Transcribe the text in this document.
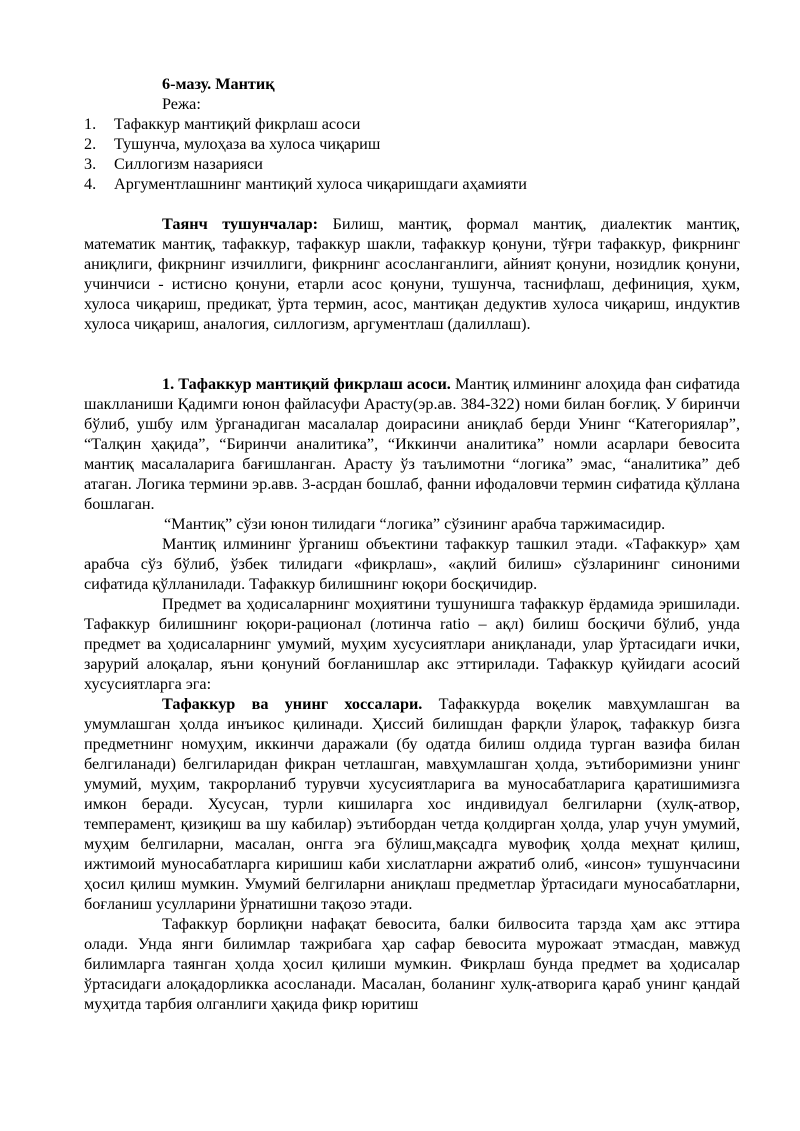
6-мазу. Мантиқ
Режа:
1.	Тафаккур мантиқий фикрлаш асоси
2.	Тушунча, мулоҳаза ва хулоса чиқариш
3.	Силлогизм назарияси
4.	Аргументлашнинг мантиқий хулоса чиқаришдаги аҳамияти

Таянч тушунчалар: Билиш, мантиқ, формал мантиқ, диалектик мантиқ, математик мантиқ, тафаккур, тафаккур шакли, тафаккур қонуни, тўғри тафаккур, фикрнинг аниқлиги, фикрнинг изчиллиги, фикрнинг асосланганлиги, айният қонуни, нозидлик қонуни, учинчиси - истисно қонуни, етарли асос қонуни, тушунча, таснифлаш, дефиниция, ҳукм, хулоса чиқариш, предикат, ўрта термин, асос, мантиқан дедуктив хулоса чиқариш, индуктив хулоса чиқариш, аналогия, силлогизм, аргументлаш (далиллаш).

1. Тафаккур мантиқий фикрлаш асоси. Мантиқ илмининг алоҳида фан сифатида шаклланиши Қадимги юнон файласуфи Арасту(эр.ав. 384-322) номи билан боғлиқ. У биринчи бўлиб, ушбу илм ўрганадиган масалалар доирасини аниқлаб берди Унинг “Категориялар”, “Талқин ҳақида”, “Биринчи аналитика”, “Иккинчи аналитика” номли асарлари бевосита мантиқ масалаларига бағишланган. Арасту ўз таълимотни “логика” эмас, “аналитика” деб атаган. Логика термини эр.авв. 3-асрдан бошлаб, фанни ифодаловчи термин сифатида қўллана бошлаган.

“Мантиқ” сўзи юнон тилидаги “логика” сўзининг арабча таржимасидир.

Мантиқ илмининг ўрганиш объектини тафаккур ташкил этади. «Тафаккур» ҳам арабча сўз бўлиб, ўзбек тилидаги «фикрлаш», «ақлий билиш» сўзларининг синоними сифатида қўлланилади. Тафаккур билишнинг юқори босқичидир.

Предмет ва ҳодисаларнинг моҳиятини тушунишга тафаккур ёрдамида эришилади. Тафаккур билишнинг юқори-рационал (лотинча ratio – ақл) билиш босқичи бўлиб, унда предмет ва ҳодисаларнинг умумий, муҳим хусусиятлари аниқланади, улар ўртасидаги ички, зарурий алоқалар, яъни қонуний боғланишлар акс эттирилади. Тафаккур қуйидаги асосий хусусиятларга эга:

Тафаккур ва унинг хоссалари. Тафаккурда воқелик мавҳумлашган ва умумлашган ҳолда инъикос қилинади. Ҳиссий билишдан фарқли ўлароқ, тафаккур бизга предметнинг номуҳим, иккинчи даражали (бу одатда билиш олдида турган вазифа билан белгиланади) белгиларидан фикран четлашган, мавҳумлашган ҳолда, эътиборимизни унинг умумий, муҳим, такрорланиб турувчи хусусиятларига ва муносабатларига қаратишимизга имкон беради. Хусусан, турли кишиларга хос индивидуал белгиларни (хулқ-атвор, темперамент, қизиқиш ва шу кабилар) эътибордан четда қолдирган ҳолда, улар учун умумий, муҳим белгиларни, масалан, онгга эга бўлиш,мақсадга мувофиқ ҳолда меҳнат қилиш, ижтимоий муносабатларга киришиш каби хислатларни ажратиб олиб, «инсон» тушунчасини ҳосил қилиш мумкин. Умумий белгиларни аниқлаш предметлар ўртасидаги муносабатларни, боғланиш усулларини ўрнатишни тақозо этади.

Тафаккур борлиқни нафақат бевосита, балки билвосита тарзда ҳам акс эттира олади. Унда янги билимлар тажрибага ҳар сафар бевосита мурожаат этмасдан, мавжуд билимларга таянган ҳолда ҳосил қилиши мумкин. Фикрлаш бунда предмет ва ҳодисалар ўртасидаги алоқадорликка асосланади. Масалан, боланинг хулқ-атворига қараб унинг қандай муҳитда тарбия олганлиги ҳақида фикр юритиш
